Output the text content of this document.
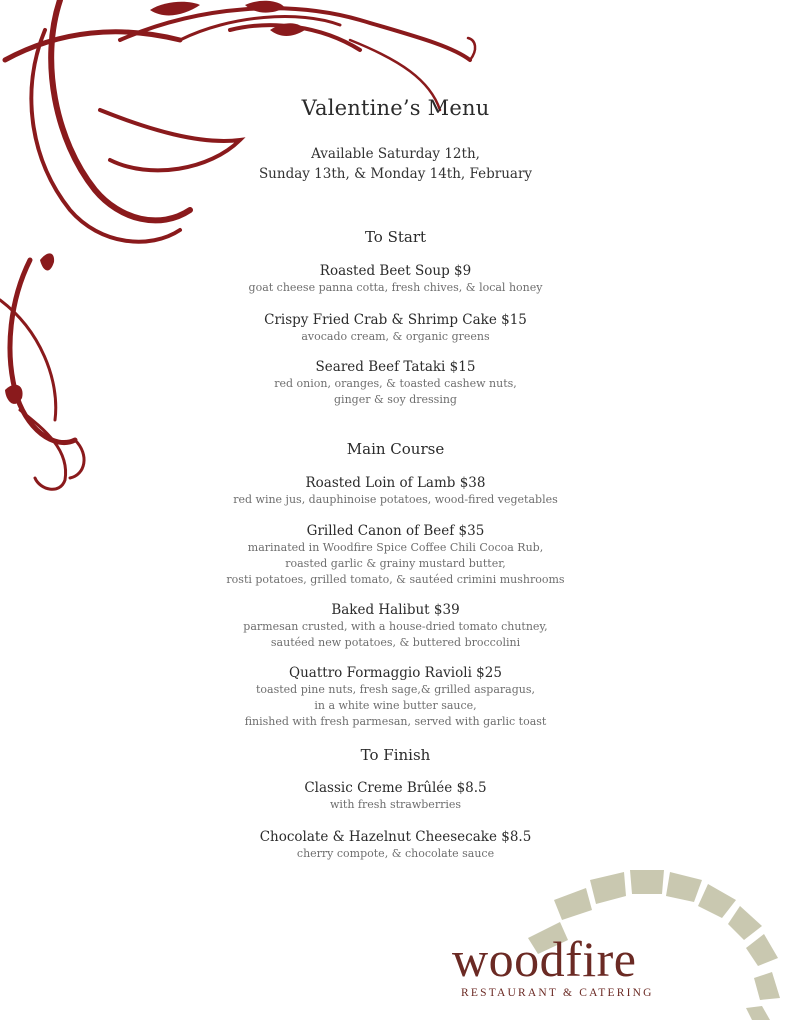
Valentine’s Menu
Available Saturday 12th,
Sunday 13th, & Monday 14th, February
To Start
Roasted Beet Soup $9
goat cheese panna cotta, fresh chives, & local honey
Crispy Fried Crab & Shrimp Cake $15
avocado cream, & organic greens
Seared Beef Tataki $15
red onion, oranges, & toasted cashew nuts,
ginger & soy dressing
Main Course
Roasted Loin of Lamb $38
red wine jus, dauphinoise potatoes, wood-fired vegetables
Grilled Canon of Beef $35
marinated in Woodfire Spice Coffee Chili Cocoa Rub,
roasted garlic & grainy mustard butter,
rosti potatoes, grilled tomato, & sautéed crimini mushrooms
Baked Halibut $39
parmesan crusted, with a house-dried tomato chutney,
sautéed new potatoes, & buttered broccolini
Quattro Formaggio Ravioli $25
toasted pine nuts, fresh sage,& grilled asparagus,
in a white wine butter sauce,
finished with fresh parmesan, served with garlic toast
To Finish
Classic Creme Brûlée $8.5
with fresh strawberries
Chocolate & Hazelnut Cheesecake $8.5
cherry compote, & chocolate sauce
woodfire
RESTAURANT & CATERING
